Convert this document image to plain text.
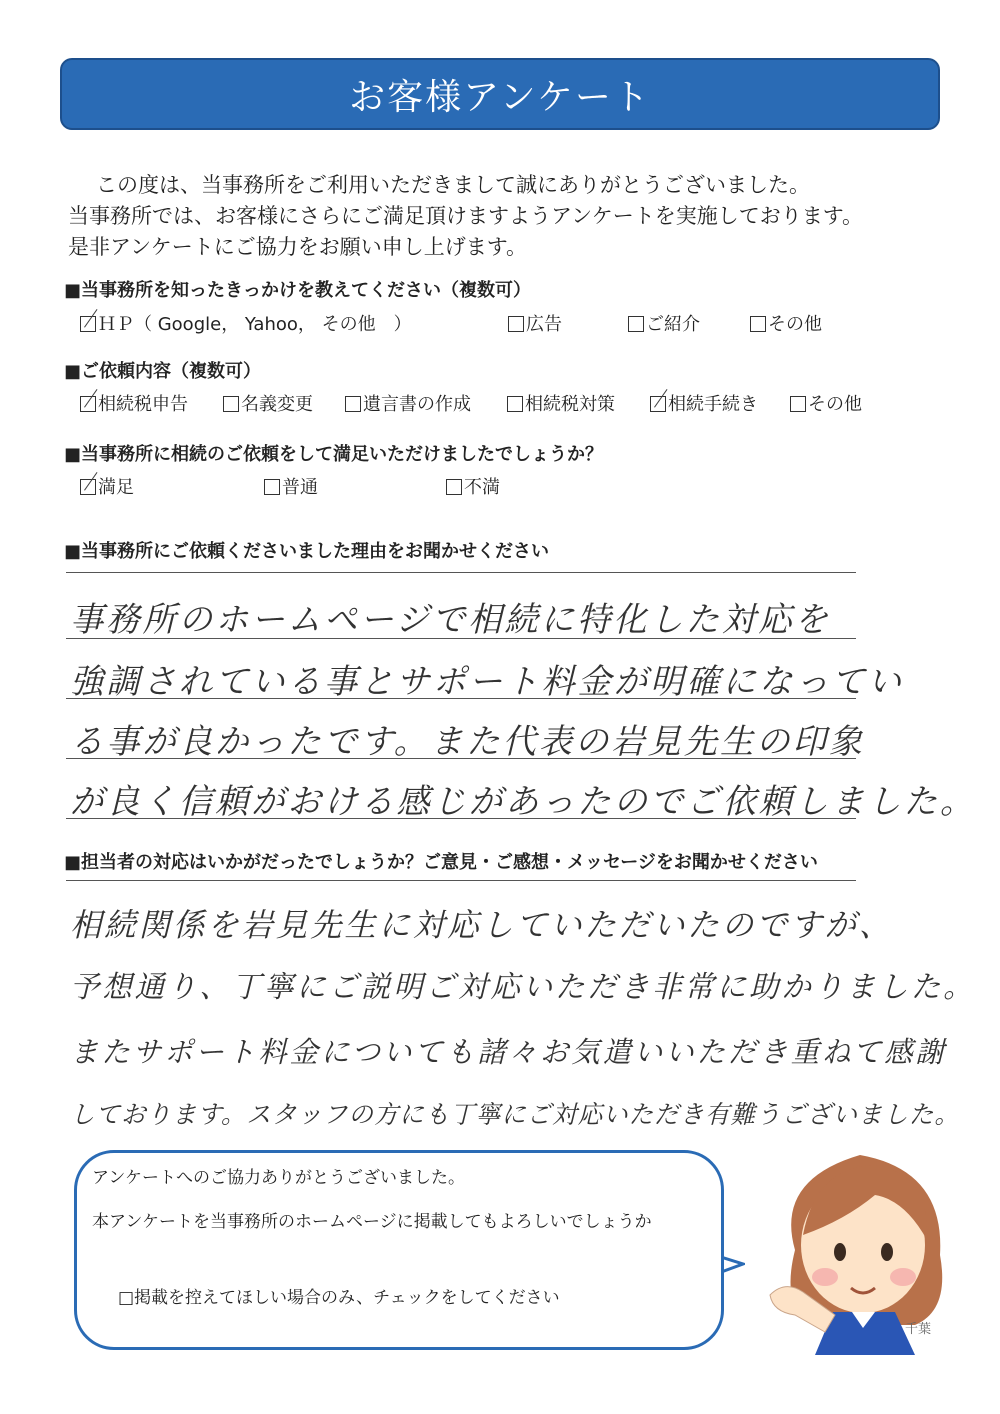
お客様アンケート
この度は、当事務所をご利用いただきまして誠にありがとうございました。
当事務所では、お客様にさらにご満足頂けますようアンケートを実施しております。
是非アンケートにご協力をお願い申し上げます。
■当事務所を知ったきっかけを教えてください（複数可）
ＨＰ（ Google， Yahoo， その他　）	広告	ご紹介	その他
■ご依頼内容（複数可）
相続税申告	名義変更	遺言書の作成	相続税対策	相続手続き	その他
■当事務所に相続のご依頼をして満足いただけましたでしょうか？
満足	普通	不満
■当事務所にご依頼くださいました理由をお聞かせください
事務所のホームページで相続に特化した対応を
強調されている事とサポート料金が明確になってい
る事が良かったです。また代表の岩見先生の印象
が良く信頼がおける感じがあったのでご依頼しました。
■担当者の対応はいかがだったでしょうか？ご意見・ご感想・メッセージをお聞かせください
相続関係を岩見先生に対応していただいたのですが、
予想通り、丁寧にご説明ご対応いただき非常に助かりました。
またサポート料金についても諸々お気遣いいただき重ねて感謝
しております。スタッフの方にも丁寧にご対応いただき有難うございました。
アンケートへのご協力ありがとうございました。
本アンケートを当事務所のホームページに掲載してもよろしいでしょうか
□掲載を控えてほしい場合のみ、チェックをしてください
千葉
